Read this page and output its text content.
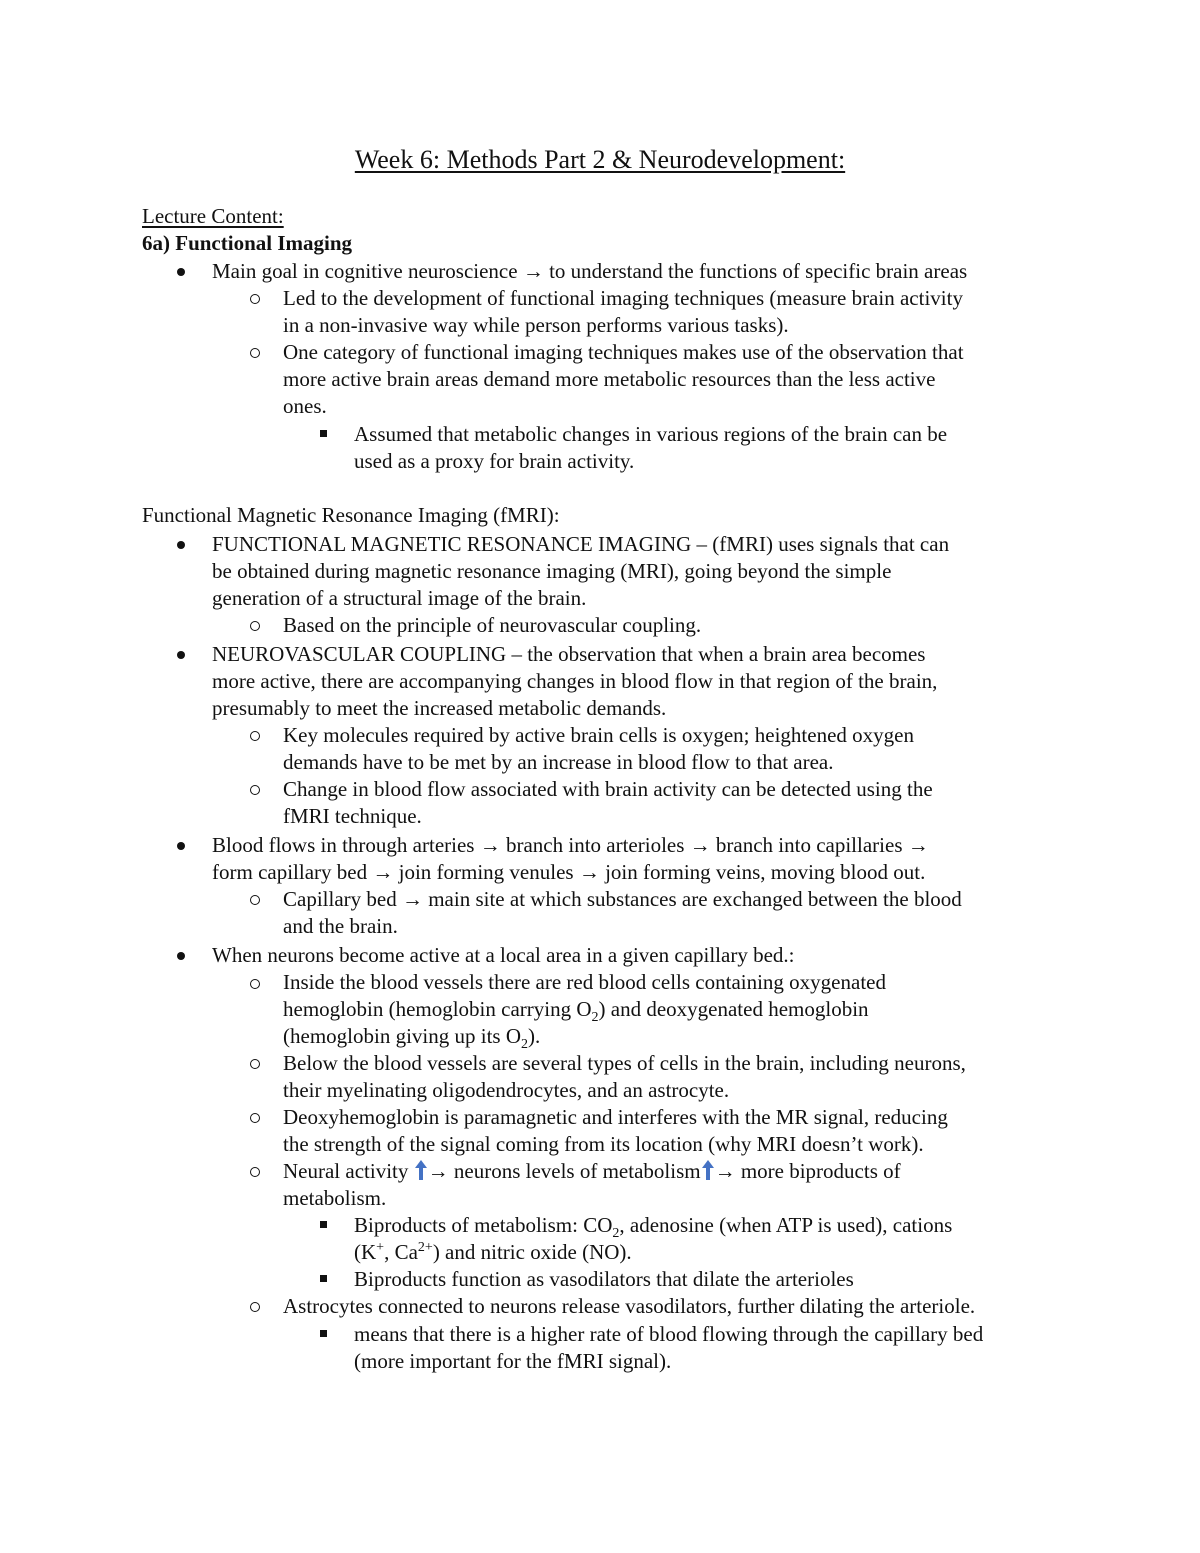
Week 6: Methods Part 2 & Neurodevelopment:
Lecture Content:
6a) Functional Imaging
Main goal in cognitive neuroscience → to understand the functions of specific brain areas
Led to the development of functional imaging techniques (measure brain activity
in a non-invasive way while person performs various tasks).
One category of functional imaging techniques makes use of the observation that
more active brain areas demand more metabolic resources than the less active
ones.
Assumed that metabolic changes in various regions of the brain can be
used as a proxy for brain activity.
Functional Magnetic Resonance Imaging (fMRI):
FUNCTIONAL MAGNETIC RESONANCE IMAGING – (fMRI) uses signals that can
be obtained during magnetic resonance imaging (MRI), going beyond the simple
generation of a structural image of the brain.
Based on the principle of neurovascular coupling.
NEUROVASCULAR COUPLING – the observation that when a brain area becomes
more active, there are accompanying changes in blood flow in that region of the brain,
presumably to meet the increased metabolic demands.
Key molecules required by active brain cells is oxygen; heightened oxygen
demands have to be met by an increase in blood flow to that area.
Change in blood flow associated with brain activity can be detected using the
fMRI technique.
Blood flows in through arteries → branch into arterioles → branch into capillaries →
form capillary bed → join forming venules → join forming veins, moving blood out.
Capillary bed → main site at which substances are exchanged between the blood
and the brain.
When neurons become active at a local area in a given capillary bed.:
Inside the blood vessels there are red blood cells containing oxygenated
hemoglobin (hemoglobin carrying $O_2$) and deoxygenated hemoglobin
(hemoglobin giving up its $O_2$).
Below the blood vessels are several types of cells in the brain, including neurons,
their myelinating oligodendrocytes, and an astrocyte.
Deoxyhemoglobin is paramagnetic and interferes with the MR signal, reducing
the strength of the signal coming from its location (why MRI doesn’t work).
Neural activity → neurons levels of metabolism → more biproducts of
metabolism.
Biproducts of metabolism: $CO_2$, adenosine (when ATP is used), cations
(K+, $Ca^{2+}$) and nitric oxide (NO).
Biproducts function as vasodilators that dilate the arterioles
Astrocytes connected to neurons release vasodilators, further dilating the arteriole.
means that there is a higher rate of blood flowing through the capillary bed
(more important for the fMRI signal).
